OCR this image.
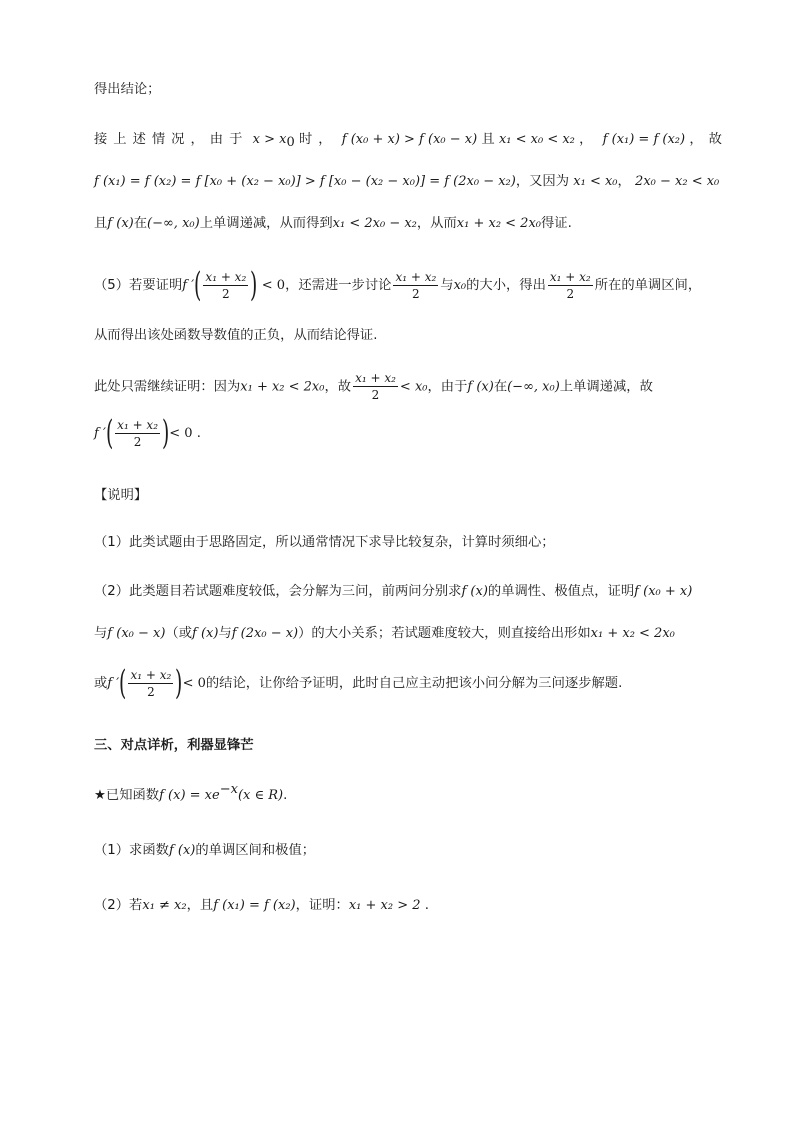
得出结论；
接上述情况，由于 $x > x_0$ 时， f (x₀ + x) > f (x₀ − x) 且 x₁ < x₀ < x₂ ， f (x₁) = f (x₂) ，故
f (x₁) = f (x₂) = f [x₀ + (x₂ − x₀)] > f [x₀ − (x₂ − x₀)] = f (2x₀ − x₂)，又因为 x₁ < x₀， 2x₀ − x₂ < x₀
且f (x)在(−∞, x₀)上单调递减，从而得到x₁ < 2x₀ − x₂，从而x₁ + x₂ < 2x₀得证.
（5）若要证明f ′( $\frac{\text{x₁ + x₂}}{2}$ ) < 0，还需进一步讨论 $\frac{\text{x₁ + x₂}}{2}$ 与x₀的大小，得出 $\frac{\text{x₁ + x₂}}{2}$ 所在的单调区间，
从而得出该处函数导数值的正负，从而结论得证.
此处只需继续证明：因为x₁ + x₂ < 2x₀，故 $\frac{\text{x₁ + x₂}}{2} < x_0$，由于f (x)在(−∞, x₀)上单调递减，故
f ′( $\frac{\text{x₁ + x₂}}{2}$ )< 0 .
【说明】
（1）此类试题由于思路固定，所以通常情况下求导比较复杂，计算时须细心；
（2）此类题目若试题难度较低，会分解为三问，前两问分别求f (x)的单调性、极值点，证明f (x₀ + x)
与f (x₀ − x)（或f (x)与f (2x₀ − x)）的大小关系；若试题难度较大，则直接给出形如x₁ + x₂ < 2x₀
或f ′( $\frac{\text{x₁ + x₂}}{2}$ )< 0的结论，让你给予证明，此时自己应主动把该小问分解为三问逐步解题.
三、对点详析，利器显锋芒
★已知函数f $(x) = xe^{-x}(x$ ∈ R).
（1）求函数f (x)的单调区间和极值；
（2）若x₁ ≠ x₂，且f (x₁) = f (x₂)，证明：x₁ + x₂ > 2 .
